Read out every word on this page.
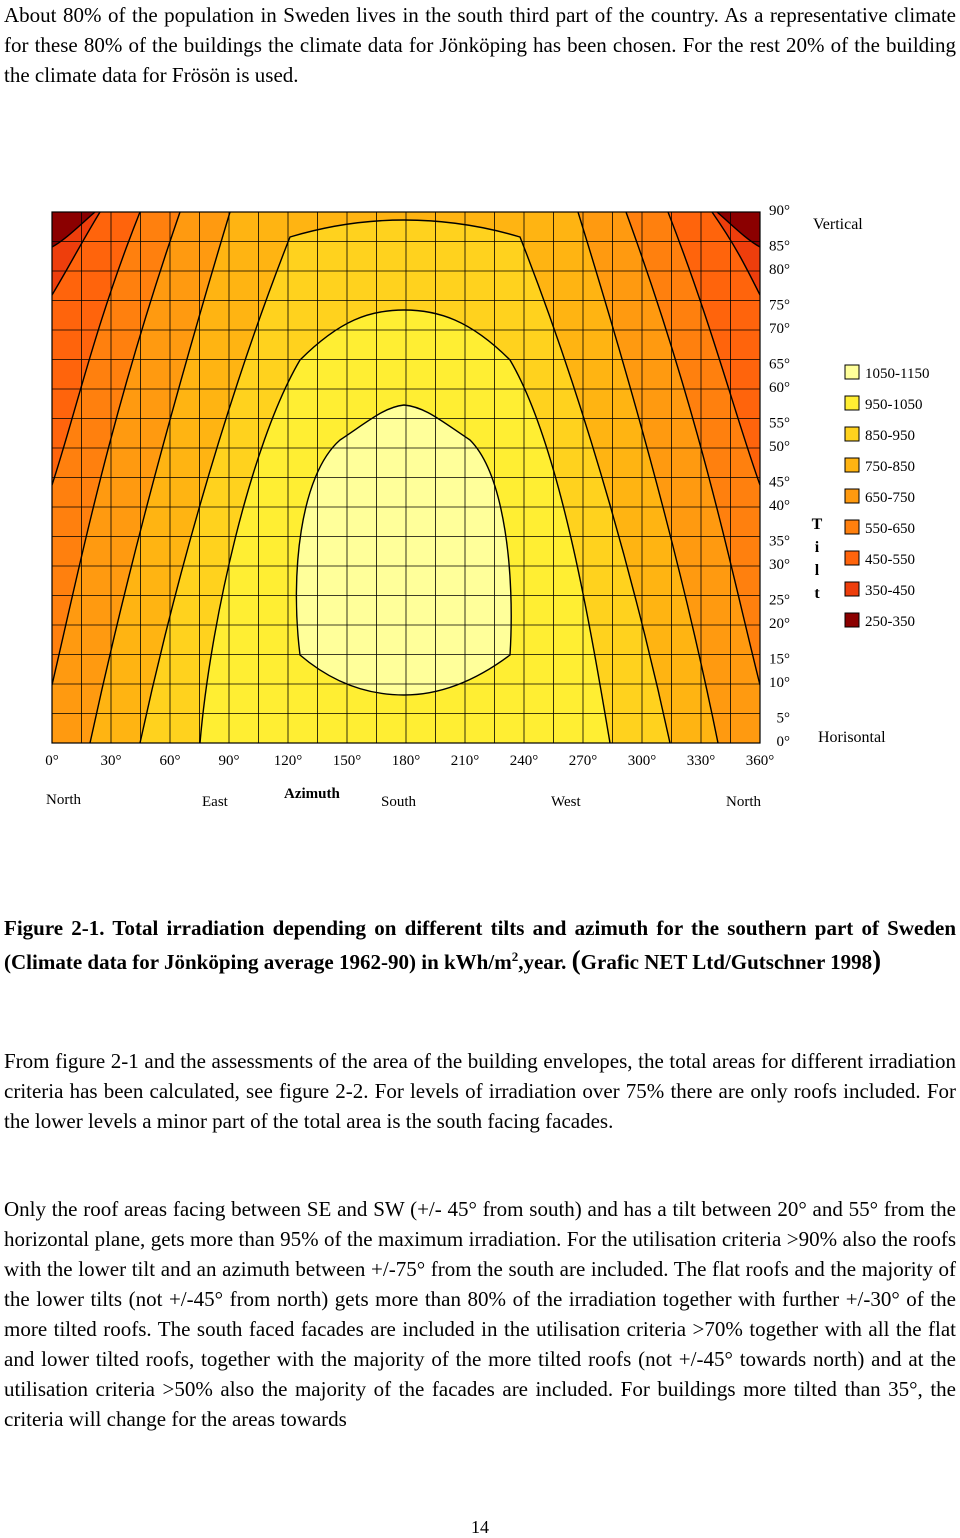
About 80% of the population in Sweden lives in the south third part of the country. As a representative climate for these 80% of the buildings the climate data for Jönköping has been chosen. For the rest 20% of the building the climate data for Frösön is used.

90°
85°
80°
75°
70°
65°
60°
55°
50°
45°
40°
35°
30°
25°
20°
15°
10°
5°
0°
0°	30°	60°	90° 120° 150° 180° 210° 240° 270° 300° 330° 360°
North	East	South	West	North
Azimuth
Vertical
Horisontal
T
i
l
t
1050-1150
950-1050
850-950
750-850
650-750
550-650
450-550
350-450
250-350
Figure 2-1. Total irradiation depending on different tilts and azimuth for the southern part of Sweden (Climate data for Jönköping average 1962-90) in kWh/$m^2,year$. (Grafic NET Ltd/Gutschner 1998)

From figure 2-1 and the assessments of the area of the building envelopes, the total areas for different irradiation criteria has been calculated, see figure 2-2. For levels of irradiation over 75% there are only roofs included. For the lower levels a minor part of the total area is the south facing facades.

Only the roof areas facing between SE and SW (+/- 45° from south) and has a tilt between 20° and 55° from the horizontal plane, gets more than 95% of the maximum irradiation. For the utilisation criteria >90% also the roofs with the lower tilt and an azimuth between +/-75° from the south are included. The flat roofs and the majority of the lower tilts (not +/-45° from north) gets more than 80% of the irradiation together with further +/-30° of the more tilted roofs. The south faced facades are included in the utilisation criteria >70% together with all the flat and lower tilted roofs, together with the majority of the more tilted roofs (not +/-45° towards north) and at the utilisation criteria >50% also the majority of the facades are included. For buildings more tilted than 35°, the criteria will change for the areas towards

14
